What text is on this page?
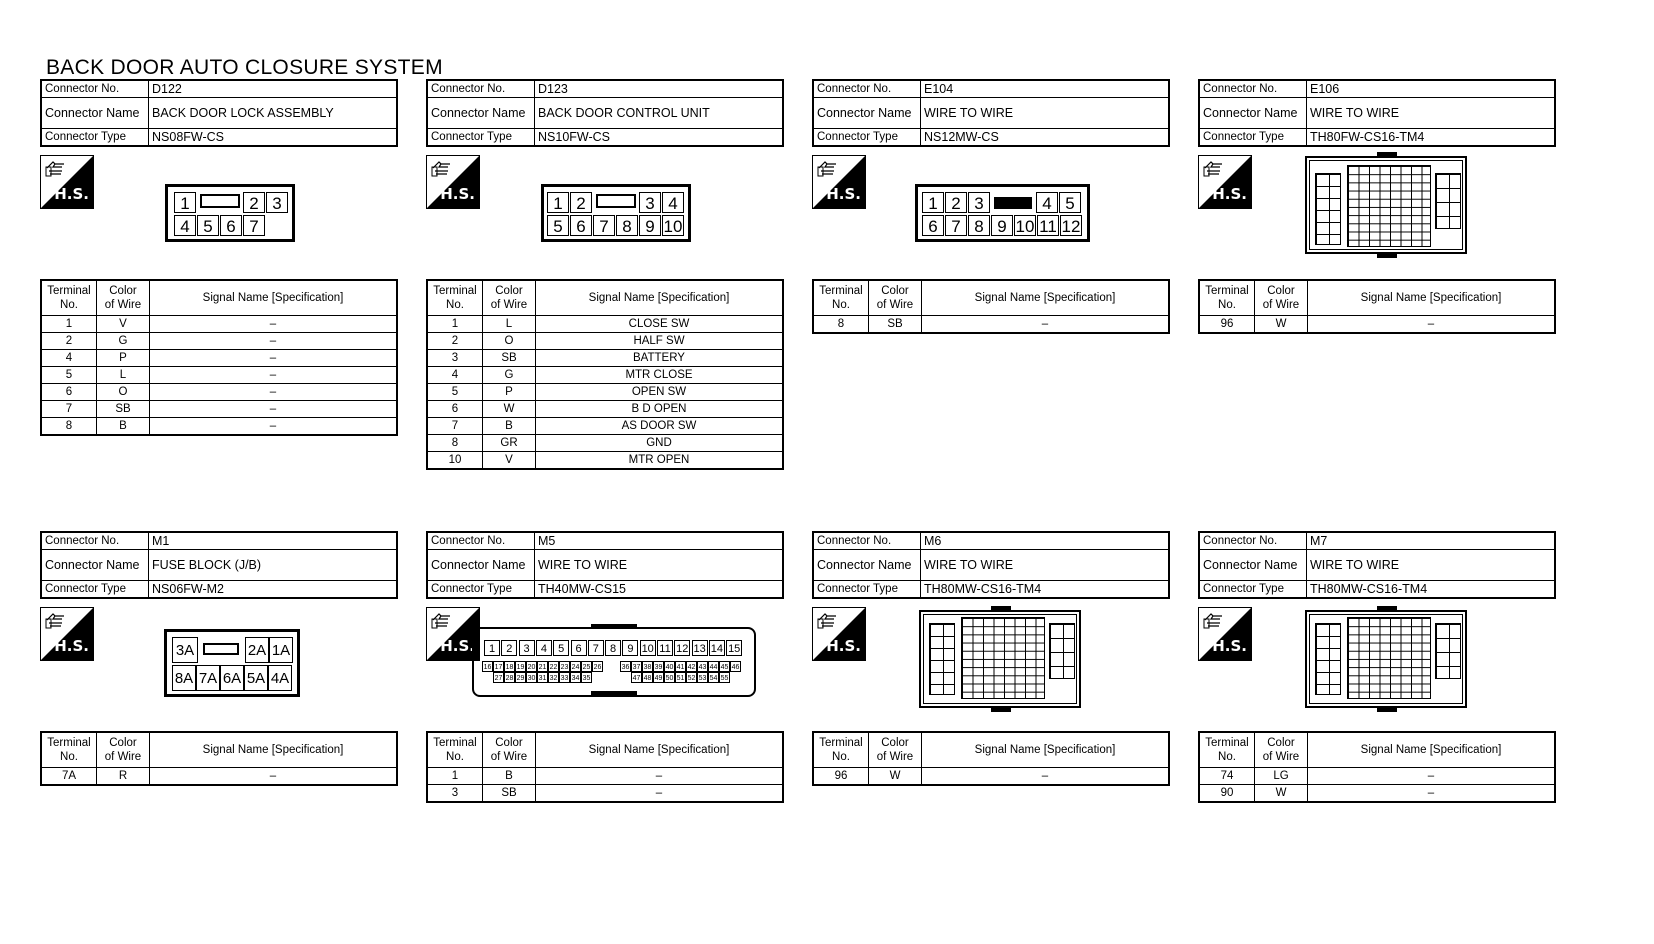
BACK DOOR AUTO CLOSURE SYSTEM
Connector No.	D122
Connector Name	BACK DOOR LOCK ASSEMBLY
Connector Type	NS08FW-CS
H.S.	1	2 3
4 5 6 7
Terminal
No.	Color
of Wire	Signal Name [Specification]
1	V	–
2	G	–
4	P	–
5	L	–
6	O	–
7	SB	–
8	B	–
Connector No.	D123
Connector Name	BACK DOOR CONTROL UNIT
Connector Type	NS10FW-CS
H.S.	1 2	3 4
5 6 7 8 9 10
Terminal
No.	Color
of Wire	Signal Name [Specification]
1	L	CLOSE SW
2	O	HALF SW
3	SB	BATTERY
4	G	MTR CLOSE
5	P	OPEN SW
6	W	B D OPEN
7	B	AS DOOR SW
8	GR	GND
10	V	MTR OPEN
Connector No.	E104
Connector Name	WIRE TO WIRE
Connector Type	NS12MW-CS
H.S.	1 2 3	4 5
6 7 8 9 10 11 12
Terminal
No.	Color
of Wire	Signal Name [Specification]
8	SB	–
Connector No.	E106
Connector Name	WIRE TO WIRE
Connector Type	TH80FW-CS16-TM4
H.S.
Terminal
No.	Color
of Wire	Signal Name [Specification]
96	W	–
Connector No.	M1
Connector Name	FUSE BLOCK (J/B)
Connector Type	NS06FW-M2
H.S.	3A	2A 1A
8A 7A 6A 5A 4A
Terminal
No.	Color
of Wire	Signal Name [Specification]
7A	R	–
Connector No.	M5
Connector Name	WIRE TO WIRE
Connector Type	TH40MW-CS15
H.S.	1	2	3	4	5	6	7	8	9 10 11 12 13 14 15
16 17 18 19 20 21 22 23 24 25 26
27 28 29 30 31 32 33 34 35
36 37 38 39 40 41 42 43 44 45 46
47 48 49 50 51 52 53 54 55
Terminal
No.	Color
of Wire	Signal Name [Specification]
1	B	–
3	SB	–
Connector No.	M6
Connector Name	WIRE TO WIRE
Connector Type	TH80MW-CS16-TM4
H.S.
Terminal
No.	Color
of Wire	Signal Name [Specification]
96	W	–
Connector No.	M7
Connector Name	WIRE TO WIRE
Connector Type	TH80MW-CS16-TM4
H.S.
Terminal
No.	Color
of Wire	Signal Name [Specification]
74	LG	–
90	W	–
